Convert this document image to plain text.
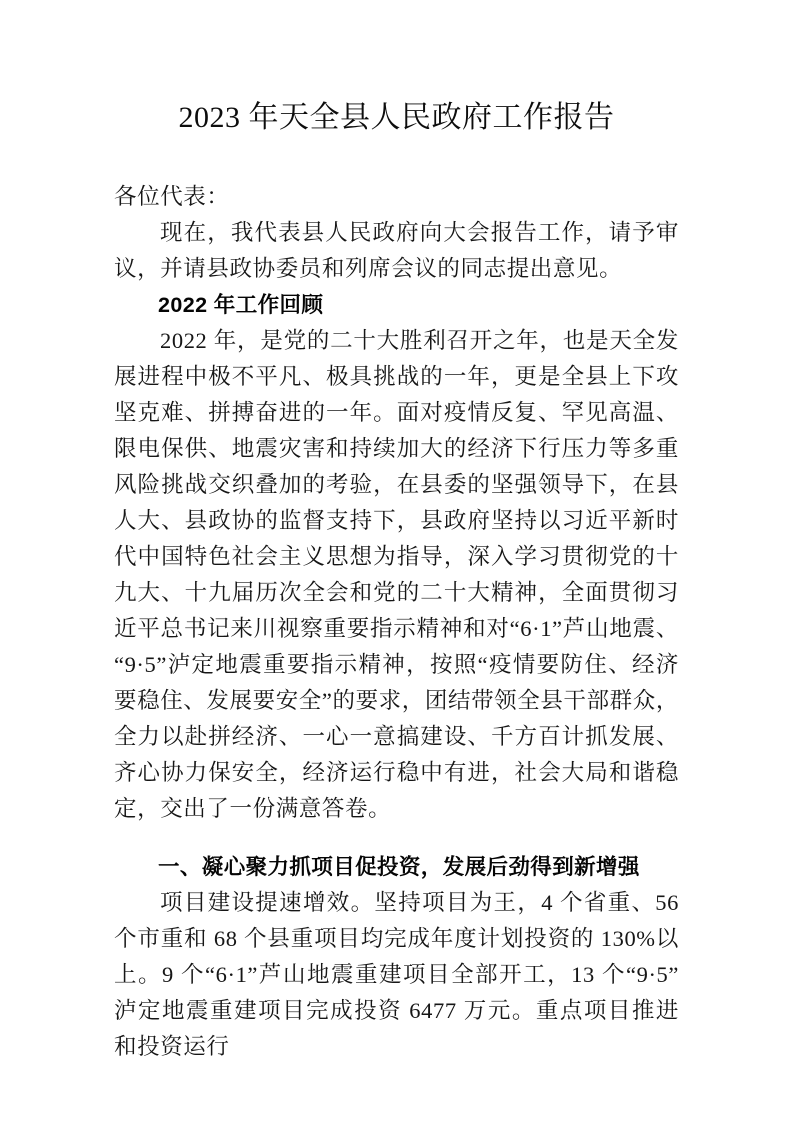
2023 年天全县人民政府工作报告

各位代表：

现在，我代表县人民政府向大会报告工作，请予审议，并请县政协委员和列席会议的同志提出意见。

2022 年工作回顾

2022 年，是党的二十大胜利召开之年，也是天全发展进程中极不平凡、极具挑战的一年，更是全县上下攻坚克难、拼搏奋进的一年。面对疫情反复、罕见高温、限电保供、地震灾害和持续加大的经济下行压力等多重风险挑战交织叠加的考验，在县委的坚强领导下，在县人大、县政协的监督支持下，县政府坚持以习近平新时代中国特色社会主义思想为指导，深入学习贯彻党的十九大、十九届历次全会和党的二十大精神，全面贯彻习近平总书记来川视察重要指示精神和对“6·1”芦山地震、“9·5”泸定地震重要指示精神，按照“疫情要防住、经济要稳住、发展要安全”的要求，团结带领全县干部群众，全力以赴拼经济、一心一意搞建设、千方百计抓发展、齐心协力保安全，经济运行稳中有进，社会大局和谐稳定，交出了一份满意答卷。

一、凝心聚力抓项目促投资，发展后劲得到新增强

项目建设提速增效。坚持项目为王，4 个省重、56 个市重和 68 个县重项目均完成年度计划投资的 130%以上。9 个“6·1”芦山地震重建项目全部开工，13 个“9·5”泸定地震重建项目完成投资 6477 万元。重点项目推进和投资运行
